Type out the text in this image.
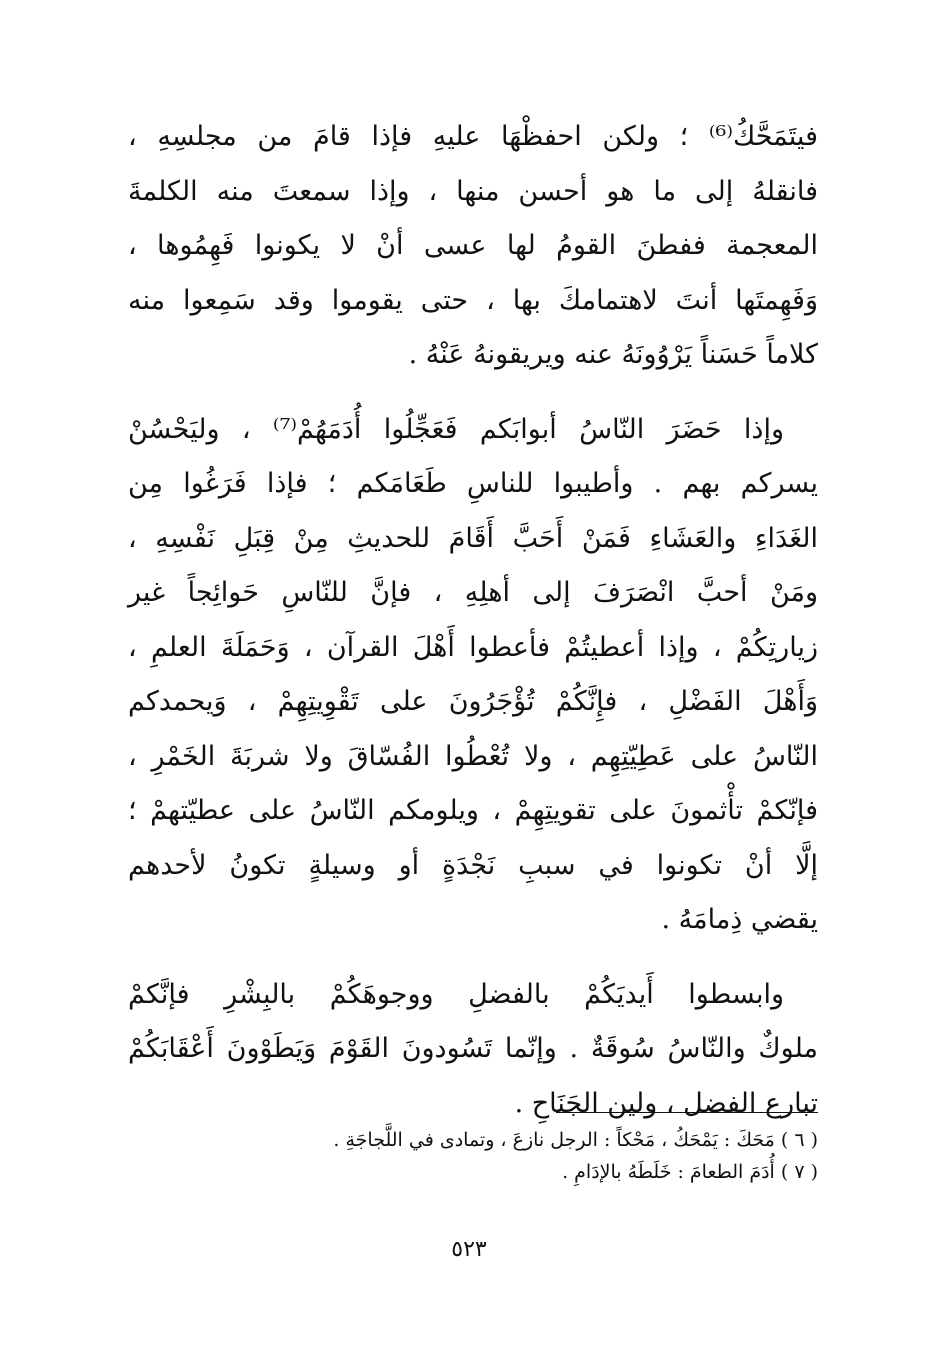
فيتَمَحَّكُ⁽⁶⁾ ؛ ولكن احفظْهَا عليهِ فإذا قامَ من مجلسِهِ ،
فانقلهُ إلى ما هو أحسن منها ، وإذا سمعتَ منه الكلمةَ
المعجمة ففطنَ القومُ لها عسى أنْ لا يكونوا فَهِمُوها ،
وَفَهِمتَها أنتَ لاهتمامكَ بها ، حتى يقوموا وقد سَمِعوا منه
كلاماً حَسَناً يَرْوُونَهُ عنه ويريقونهُ عَنْهُ .
وإذا حَضَرَ النّاسُ أبوابَكم فَعَجِّلُوا أُدَمَهُمْ⁽⁷⁾ ، وليَحْسُنْ
يسركم بهم . وأطيبوا للناسِ طَعَامَكم ؛ فإذا فَرَغُوا مِن
الغَدَاءِ والعَشَاءِ فَمَنْ أَحَبَّ أَقَامَ للحديثِ مِنْ قِبَلِ نَفْسِهِ ،
ومَنْ أحبَّ انْصَرَفَ إلى أهلِهِ ، فإنَّ للنّاسِ حَوائِجاً غير
زيارتِكُمْ ، وإذا أعطيتُمْ فأعطوا أَهْلَ القرآن ، وَحَمَلَةَ العلمِ ،
وَأَهْلَ الفَضْلِ ، فإِنَّكُمْ تُؤْجَرُونَ على تَقْوِيتِهِمْ ، وَيحمدكم
النّاسُ على عَطِيّتِهِم ، ولا تُعْطُوا الفُسّاقَ ولا شربَةَ الخَمْرِ ،
فإنّكمْ تأْثمونَ على تقويتِهِمْ ، ويلومكم النّاسُ على عطيّتهمْ ؛
إلَّا أنْ تكونوا في سببِ نَجْدَةٍ أو وسيلةٍ تكونُ لأحدهم
يقضي ذِمامَهُ .
وابسطوا أَيديَكُمْ بالفضلِ ووجوهَكُمْ بالبِشْرِ فإنَّكمْ
ملوكٌ والنّاسُ سُوقَةٌ . وإنّما تَسُودونَ القَوْمَ وَيَطَوْونَ أَعْقَابَكُمْ
تبارع الفضل ، ولين الجَنَاحِ .
( ٦ ) مَحَكَ : يَمْحَكُ ، مَحْكاً : الرجل نازعَ ، وتمادى في اللَّجاجَةِ .
( ٧ ) أُدَمَ الطعامَ : خَلَطَهُ بالإدَامِ .
٥٢٣
